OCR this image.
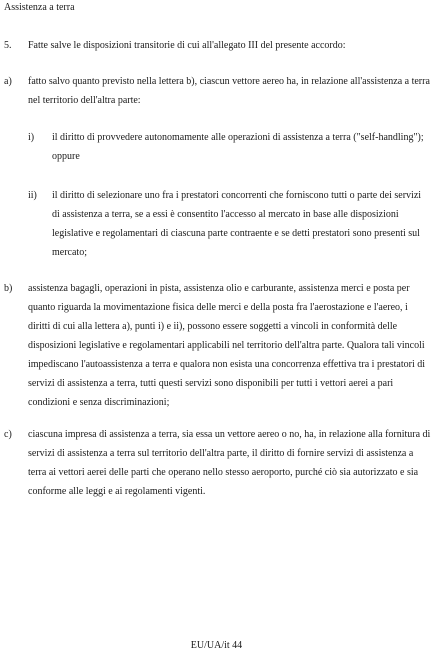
Assistenza a terra
5. Fatte salve le disposizioni transitorie di cui all'allegato III del presente accordo:
a) fatto salvo quanto previsto nella lettera b), ciascun vettore aereo ha, in relazione all'assistenza a terra nel territorio dell'altra parte:
i) il diritto di provvedere autonomamente alle operazioni di assistenza a terra ("self-handling"); oppure
ii) il diritto di selezionare uno fra i prestatori concorrenti che forniscono tutti o parte dei servizi di assistenza a terra, se a essi è consentito l'accesso al mercato in base alle disposizioni legislative e regolamentari di ciascuna parte contraente e se detti prestatori sono presenti sul mercato;
b) assistenza bagagli, operazioni in pista, assistenza olio e carburante, assistenza merci e posta per quanto riguarda la movimentazione fisica delle merci e della posta fra l'aerostazione e l'aereo, i diritti di cui alla lettera a), punti i) e ii), possono essere soggetti a vincoli in conformità delle disposizioni legislative e regolamentari applicabili nel territorio dell'altra parte. Qualora tali vincoli impediscano l'autoassistenza a terra e qualora non esista una concorrenza effettiva tra i prestatori di servizi di assistenza a terra, tutti questi servizi sono disponibili per tutti i vettori aerei a pari condizioni e senza discriminazioni;
c) ciascuna impresa di assistenza a terra, sia essa un vettore aereo o no, ha, in relazione alla fornitura di servizi di assistenza a terra sul territorio dell'altra parte, il diritto di fornire servizi di assistenza a terra ai vettori aerei delle parti che operano nello stesso aeroporto, purché ciò sia autorizzato e sia conforme alle leggi e ai regolamenti vigenti.
EU/UA/it 44
